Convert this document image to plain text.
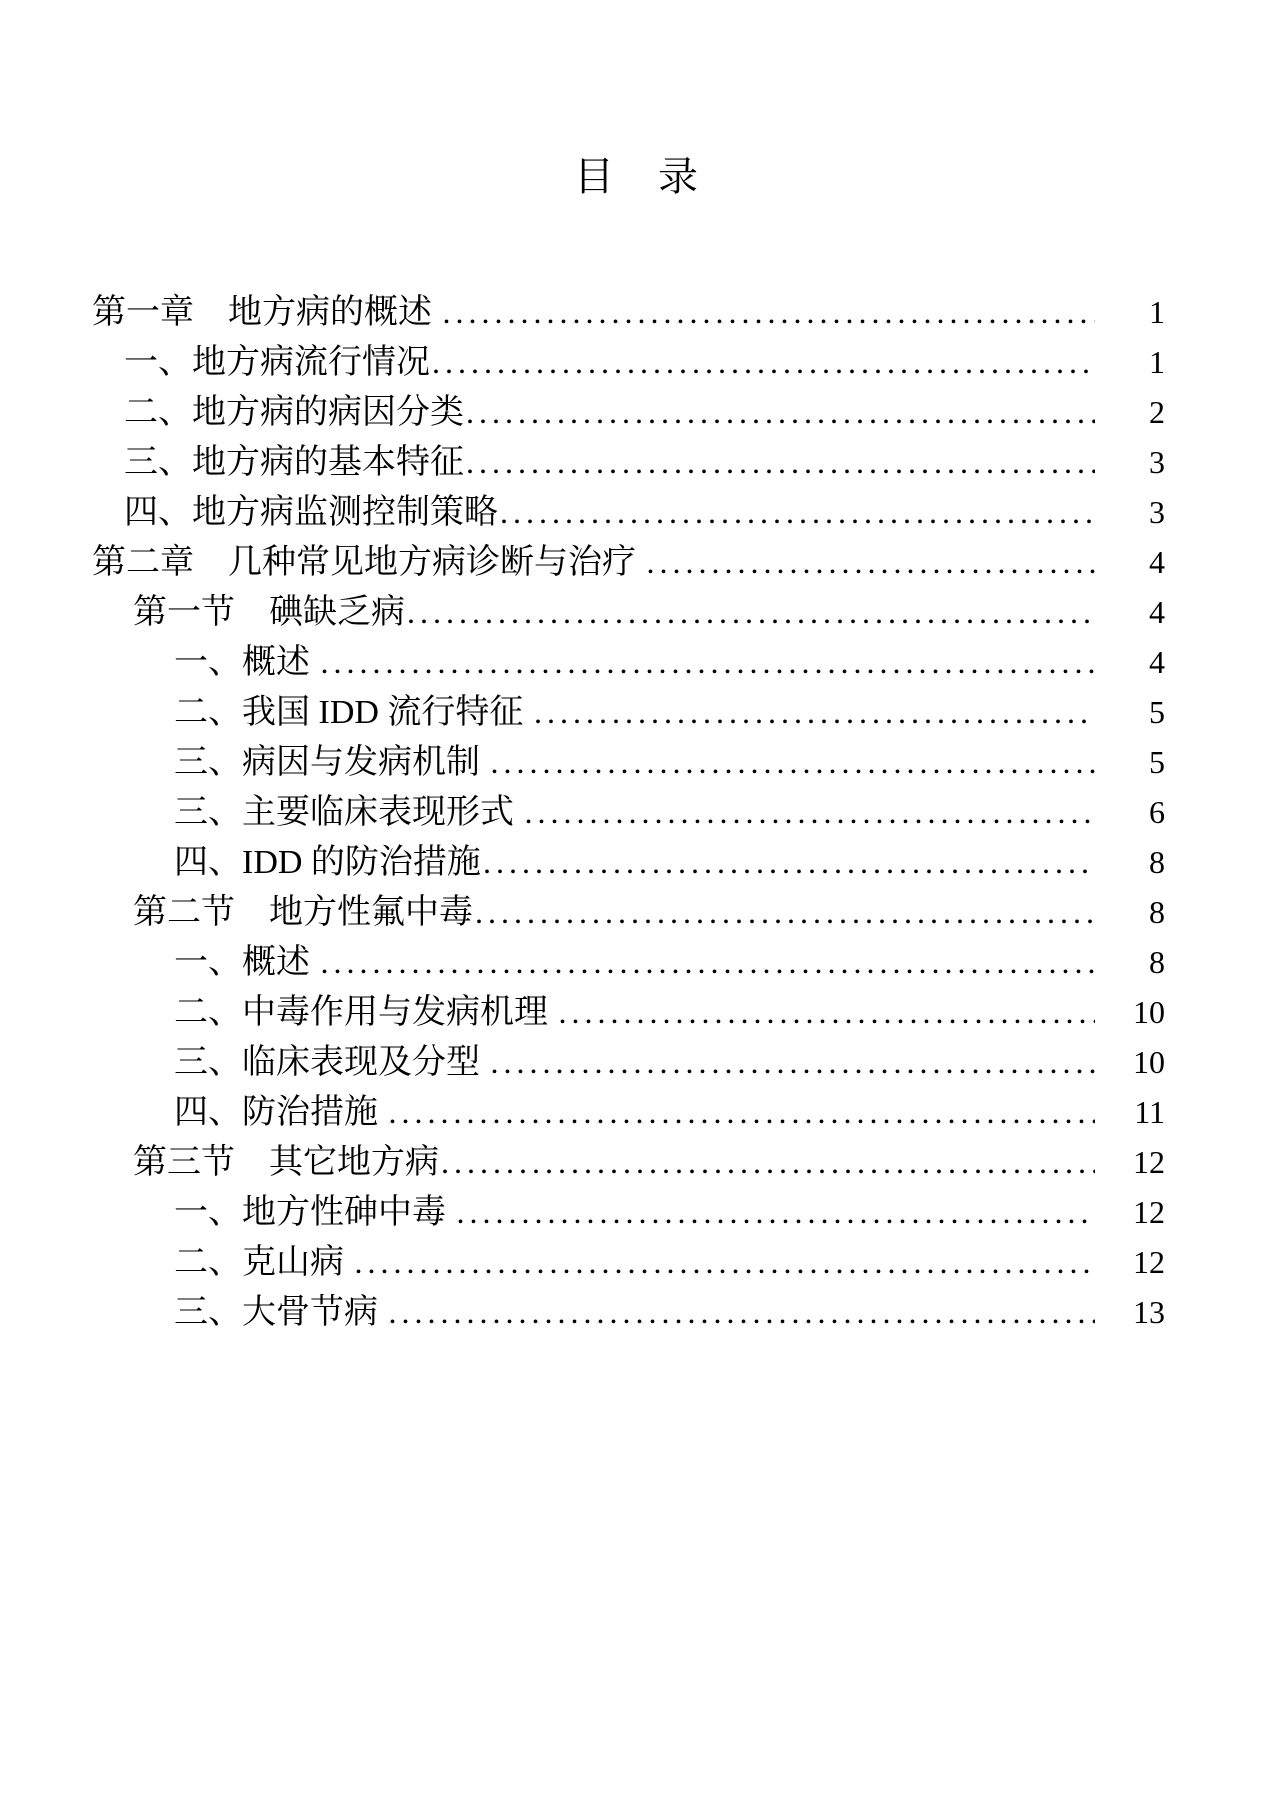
目　录
第一章　地方病的概述 .....	1
一、地方病流行情况 .....	1
二、地方病的病因分类 .....	2
三、地方病的基本特征 .....	3
四、地方病监测控制策略 .....	3
第二章　几种常见地方病诊断与治疗 .....	4
第一节　碘缺乏病 .....	4
一、概述 .....	4
二、我国 IDD 流行特征 .....	5
三、病因与发病机制 .....	5
三、主要临床表现形式 .....	6
四、IDD 的防治措施 .....	8
第二节　地方性氟中毒 .....	8
一、概述 .....	8
二、中毒作用与发病机理 .....	10
三、临床表现及分型 .....	10
四、防治措施 .....	11
第三节　其它地方病 .....	12
一、地方性砷中毒 .....	12
二、克山病 .....	12
三、大骨节病 .....	13
